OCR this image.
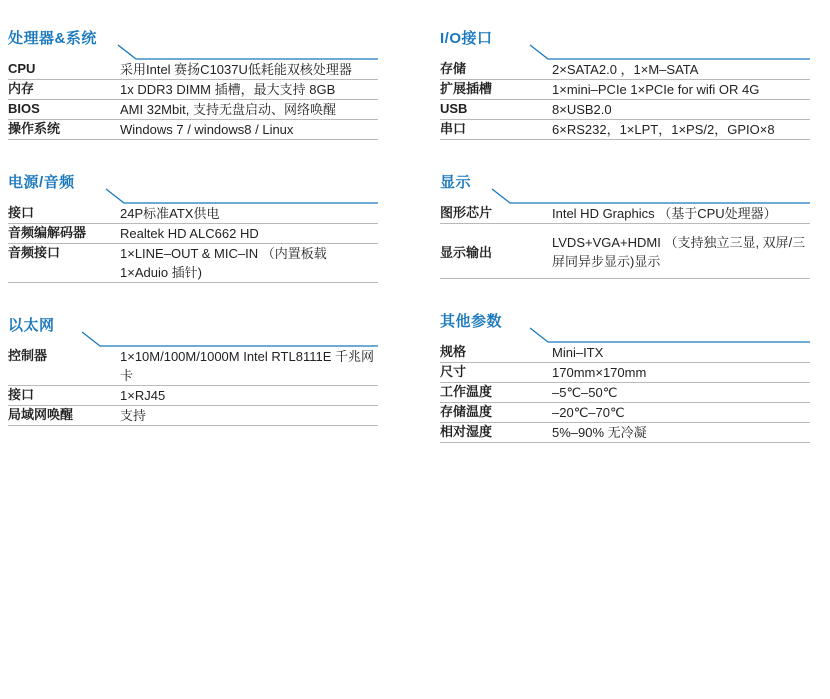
处理器&系统
CPU	采用Intel 赛扬C1037U低耗能双核处理器
内存	1x DDR3 DIMM 插槽，最大支持 8GB
BIOS	AMI 32Mbit, 支持无盘启动、网络唤醒
操作系统	Windows 7 / windows8 / Linux
电源/音频
接口	24P标准ATX供电
音频编解码器	Realtek HD ALC662 HD
音频接口	1×LINE–OUT & MIC–IN （内置板载 1×Aduio 插针)
以太网
控制器	1×10M/100M/1000M Intel RTL8111E 千兆网卡
接口	1×RJ45
局域网唤醒	支持
I/O接口
存储	2×SATA2.0 ，1×M–SATA
扩展插槽	1×mini–PCIe 1×PCIe for wifi OR 4G
USB	8×USB2.0
串口	6×RS232，1×LPT，1×PS/2，GPIO×8
显示
图形芯片	Intel HD Graphics （基于CPU处理器）
显示输出	LVDS+VGA+HDMI （支持独立三显, 双屏/三屏同异步显示)显示
其他参数
规格	Mini–ITX
尺寸	170mm×170mm
工作温度	–5℃–50℃
存储温度	–20℃–70℃
相对湿度	5%–90% 无冷凝
